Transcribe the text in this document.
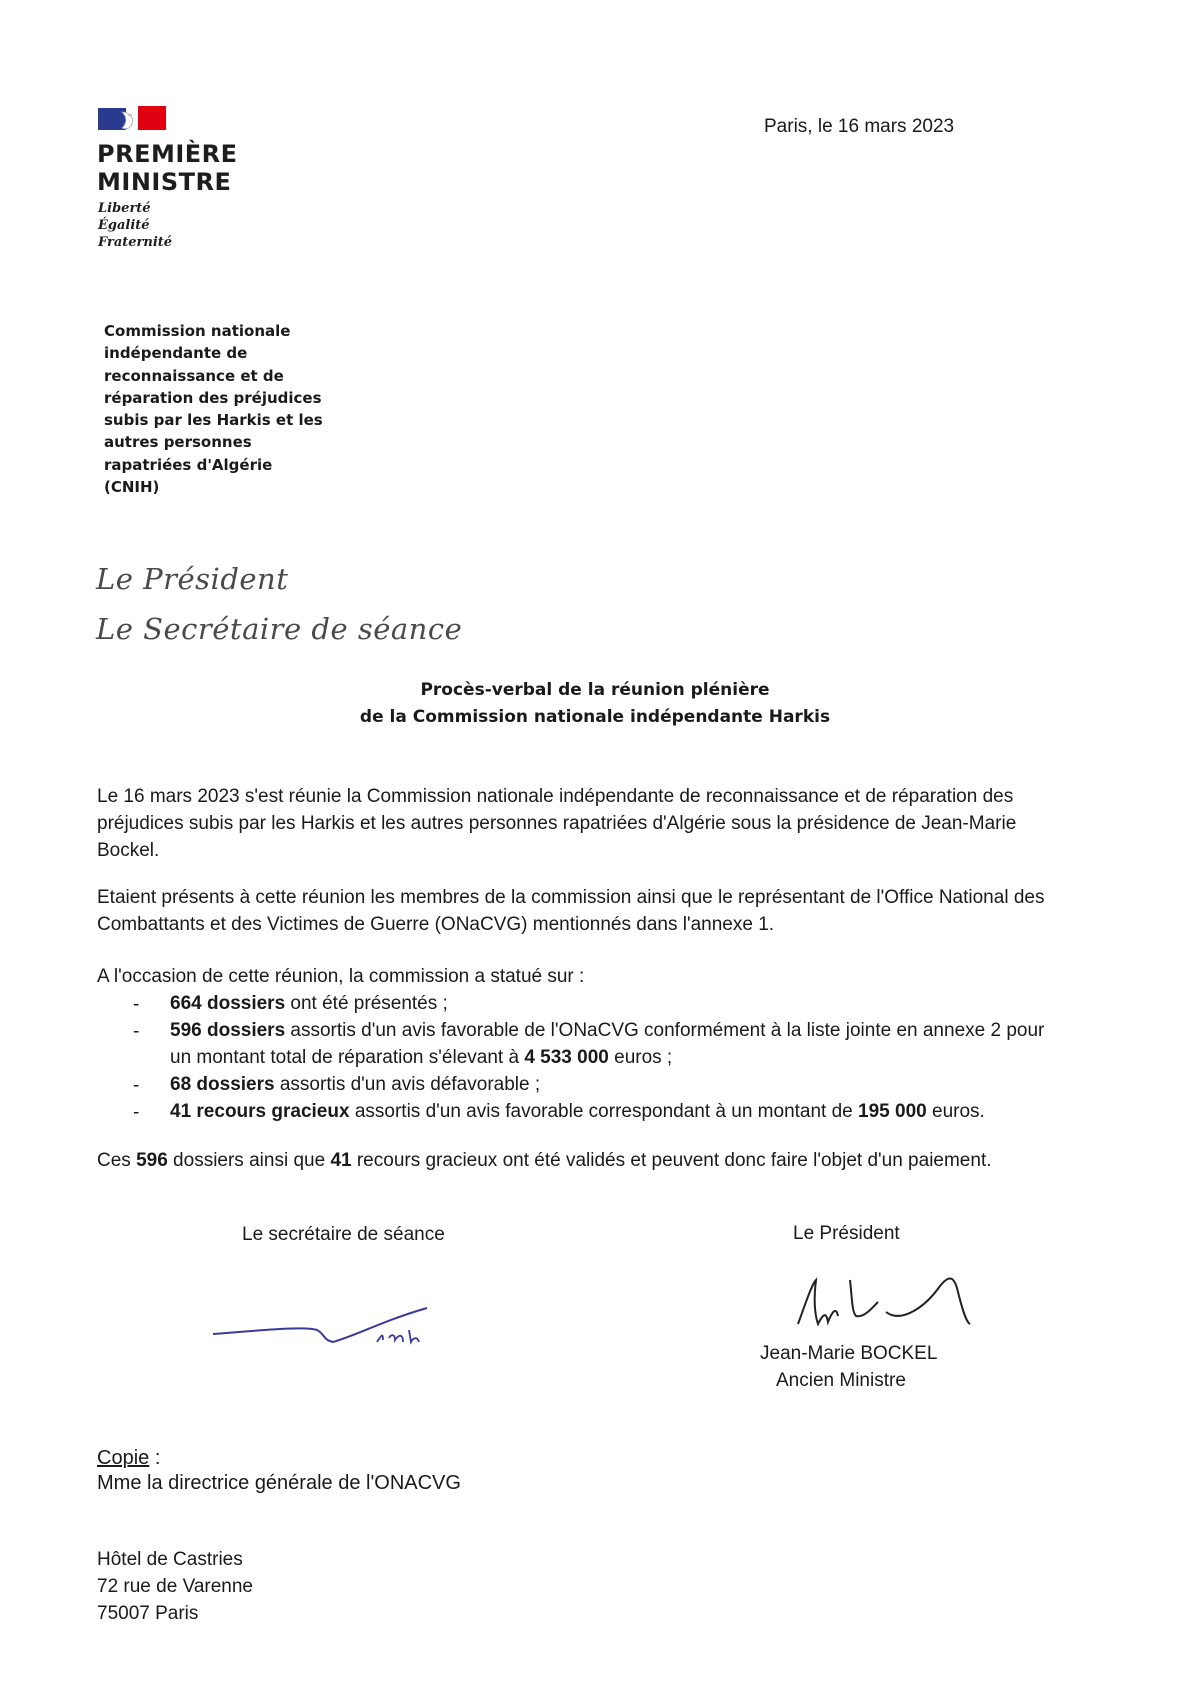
PREMIÈRE
MINISTRE
Liberté
Égalité
Fraternité
Paris, le 16 mars 2023
Commission nationale
indépendante de
reconnaissance et de
réparation des préjudices
subis par les Harkis et les
autres personnes
rapatriées d'Algérie
(CNIH)
Le Président
Le Secrétaire de séance
Procès-verbal de la réunion plénière
de la Commission nationale indépendante Harkis
Le 16 mars 2023 s'est réunie la Commission nationale indépendante de reconnaissance et de réparation des
préjudices subis par les Harkis et les autres personnes rapatriées d'Algérie sous la présidence de Jean-Marie
Bockel.
Etaient présents à cette réunion les membres de la commission ainsi que le représentant de l'Office National des
Combattants et des Victimes de Guerre (ONaCVG) mentionnés dans l'annexe 1.
A l'occasion de cette réunion, la commission a statué sur :
- 664 dossiers ont été présentés ;
- 596 dossiers assortis d'un avis favorable de l'ONaCVG conformément à la liste jointe en annexe 2 pour
un montant total de réparation s'élevant à 4 533 000 euros ;
- 68 dossiers assortis d'un avis défavorable ;
- 41 recours gracieux assortis d'un avis favorable correspondant à un montant de 195 000 euros.
Ces 596 dossiers ainsi que 41 recours gracieux ont été validés et peuvent donc faire l'objet d'un paiement.
Le secrétaire de séance	Le Président
Jean-Marie BOCKEL
Ancien Ministre
Copie :
Mme la directrice générale de l'ONACVG
Hôtel de Castries
72 rue de Varenne
75007 Paris
